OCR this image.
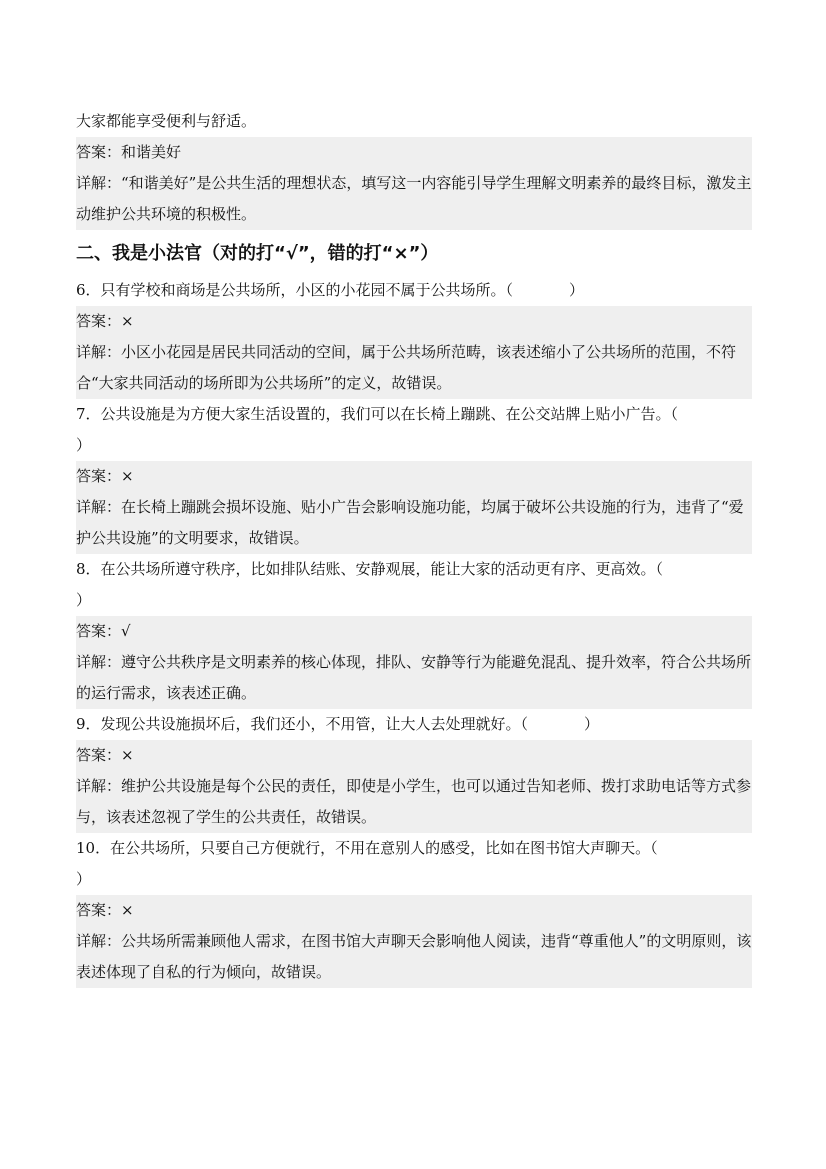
大家都能享受便利与舒适。
答案：和谐美好
详解：“和谐美好”是公共生活的理想状态，填写这一内容能引导学生理解文明素养的最终目标，激发主动维护公共环境的积极性。
二、我是小法官（对的打“√”，错的打“×”）
6．只有学校和商场是公共场所，小区的小花园不属于公共场所。（	）
答案：×
详解：小区小花园是居民共同活动的空间，属于公共场所范畴，该表述缩小了公共场所的范围，不符合“大家共同活动的场所即为公共场所”的定义，故错误。
7．公共设施是为方便大家生活设置的，我们可以在长椅上蹦跳、在公交站牌上贴小广告。（
）
答案：×
详解：在长椅上蹦跳会损坏设施、贴小广告会影响设施功能，均属于破坏公共设施的行为，违背了“爱护公共设施”的文明要求，故错误。
8．在公共场所遵守秩序，比如排队结账、安静观展，能让大家的活动更有序、更高效。（
）
答案：√
详解：遵守公共秩序是文明素养的核心体现，排队、安静等行为能避免混乱、提升效率，符合公共场所的运行需求，该表述正确。
9．发现公共设施损坏后，我们还小，不用管，让大人去处理就好。（	）
答案：×
详解：维护公共设施是每个公民的责任，即使是小学生，也可以通过告知老师、拨打求助电话等方式参与，该表述忽视了学生的公共责任，故错误。
10．在公共场所，只要自己方便就行，不用在意别人的感受，比如在图书馆大声聊天。（
）
答案：×
详解：公共场所需兼顾他人需求，在图书馆大声聊天会影响他人阅读，违背“尊重他人”的文明原则，该表述体现了自私的行为倾向，故错误。
